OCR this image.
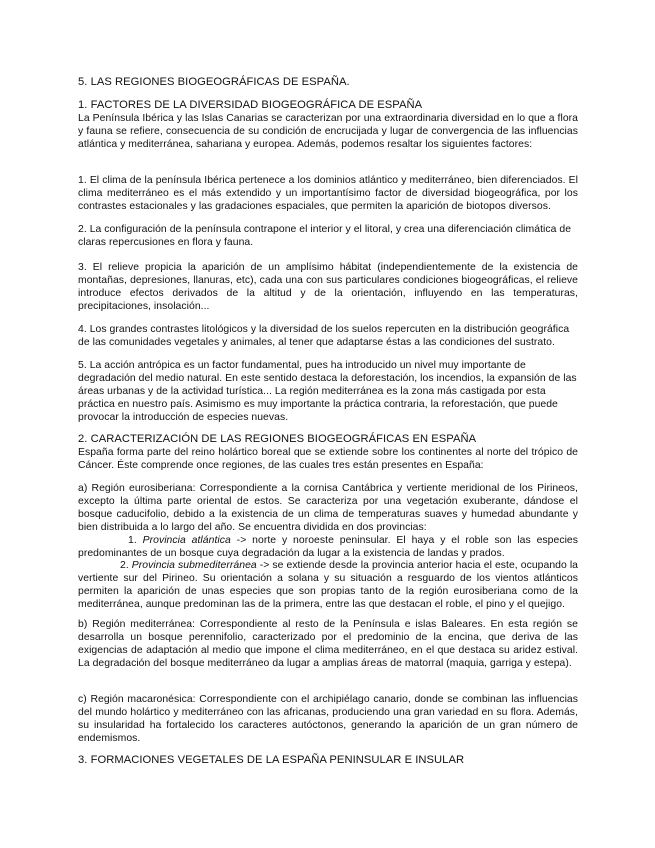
5. LAS REGIONES BIOGEOGRÁFICAS DE ESPAÑA.
1. FACTORES DE LA DIVERSIDAD BIOGEOGRÁFICA DE ESPAÑA
La Península Ibérica y las Islas Canarias se caracterizan por una extraordinaria diversidad en lo que a flora y fauna se refiere, consecuencia de su condición de encrucijada y lugar de convergencia de las influencias atlántica y mediterránea, sahariana y europea. Además, podemos resaltar los siguientes factores:
1. El clima de la península Ibérica pertenece a los dominios atlántico y mediterráneo, bien diferenciados. El clima mediterráneo es el más extendido y un importantísimo factor de diversidad biogeográfica, por los contrastes estacionales y las gradaciones espaciales, que permiten la aparición de biotopos diversos.
2. La configuración de la península contrapone el interior y el litoral, y crea una diferenciación climática de claras repercusiones en flora y fauna.
3. El relieve propicia la aparición de un amplísimo hábitat (independientemente de la existencia de montañas, depresiones, llanuras, etc), cada una con sus particulares condiciones biogeográficas, el relieve introduce efectos derivados de la altitud y de la orientación, influyendo en las temperaturas, precipitaciones, insolación...
4. Los grandes contrastes litológicos y la diversidad de los suelos repercuten en la distribución geográfica de las comunidades vegetales y animales, al tener que adaptarse éstas a las condiciones del sustrato.
5. La acción antrópica es un factor fundamental, pues ha introducido un nivel muy importante de degradación del medio natural. En este sentido destaca la deforestación, los incendios, la expansión de las áreas urbanas y de la actividad turística... La región mediterránea es la zona más castigada por esta práctica en nuestro país. Asimismo es muy importante la práctica contraria, la reforestación, que puede provocar la introducción de especies nuevas.
2. CARACTERIZACIÓN DE LAS REGIONES BIOGEOGRÁFICAS EN ESPAÑA
España forma parte del reino holártico boreal que se extiende sobre los continentes al norte del trópico de Cáncer. Éste comprende once regiones, de las cuales tres están presentes en España:
a) Región eurosiberiana: Correspondiente a la cornisa Cantábrica y vertiente meridional de los Pirineos, excepto la última parte oriental de estos. Se caracteriza por una vegetación exuberante, dándose el bosque caducifolio, debido a la existencia de un clima de temperaturas suaves y humedad abundante y bien distribuida a lo largo del año. Se encuentra dividida en dos provincias:
1. Provincia atlántica -> norte y noroeste peninsular. El haya y el roble son las especies predominantes de un bosque cuya degradación da lugar a la existencia de landas y prados.
2. Provincia submediterránea -> se extiende desde la provincia anterior hacia el este, ocupando la vertiente sur del Pirineo. Su orientación a solana y su situación a resguardo de los vientos atlánticos permiten la aparición de unas especies que son propias tanto de la región eurosiberiana como de la mediterránea, aunque predominan las de la primera, entre las que destacan el roble, el pino y el quejigo.
b) Región mediterránea: Correspondiente al resto de la Península e islas Baleares. En esta región se desarrolla un bosque perennifolio, caracterizado por el predominio de la encina, que deriva de las exigencias de adaptación al medio que impone el clima mediterráneo, en el que destaca su aridez estival. La degradación del bosque mediterráneo da lugar a amplias áreas de matorral (maquia, garriga y estepa).
c) Región macaronésica: Correspondiente con el archipiélago canario, donde se combinan las influencias del mundo holártico y mediterráneo con las africanas, produciendo una gran variedad en su flora. Además, su insularidad ha fortalecido los caracteres autóctonos, generando la aparición de un gran número de endemismos.
3. FORMACIONES VEGETALES DE LA ESPAÑA PENINSULAR E INSULAR
